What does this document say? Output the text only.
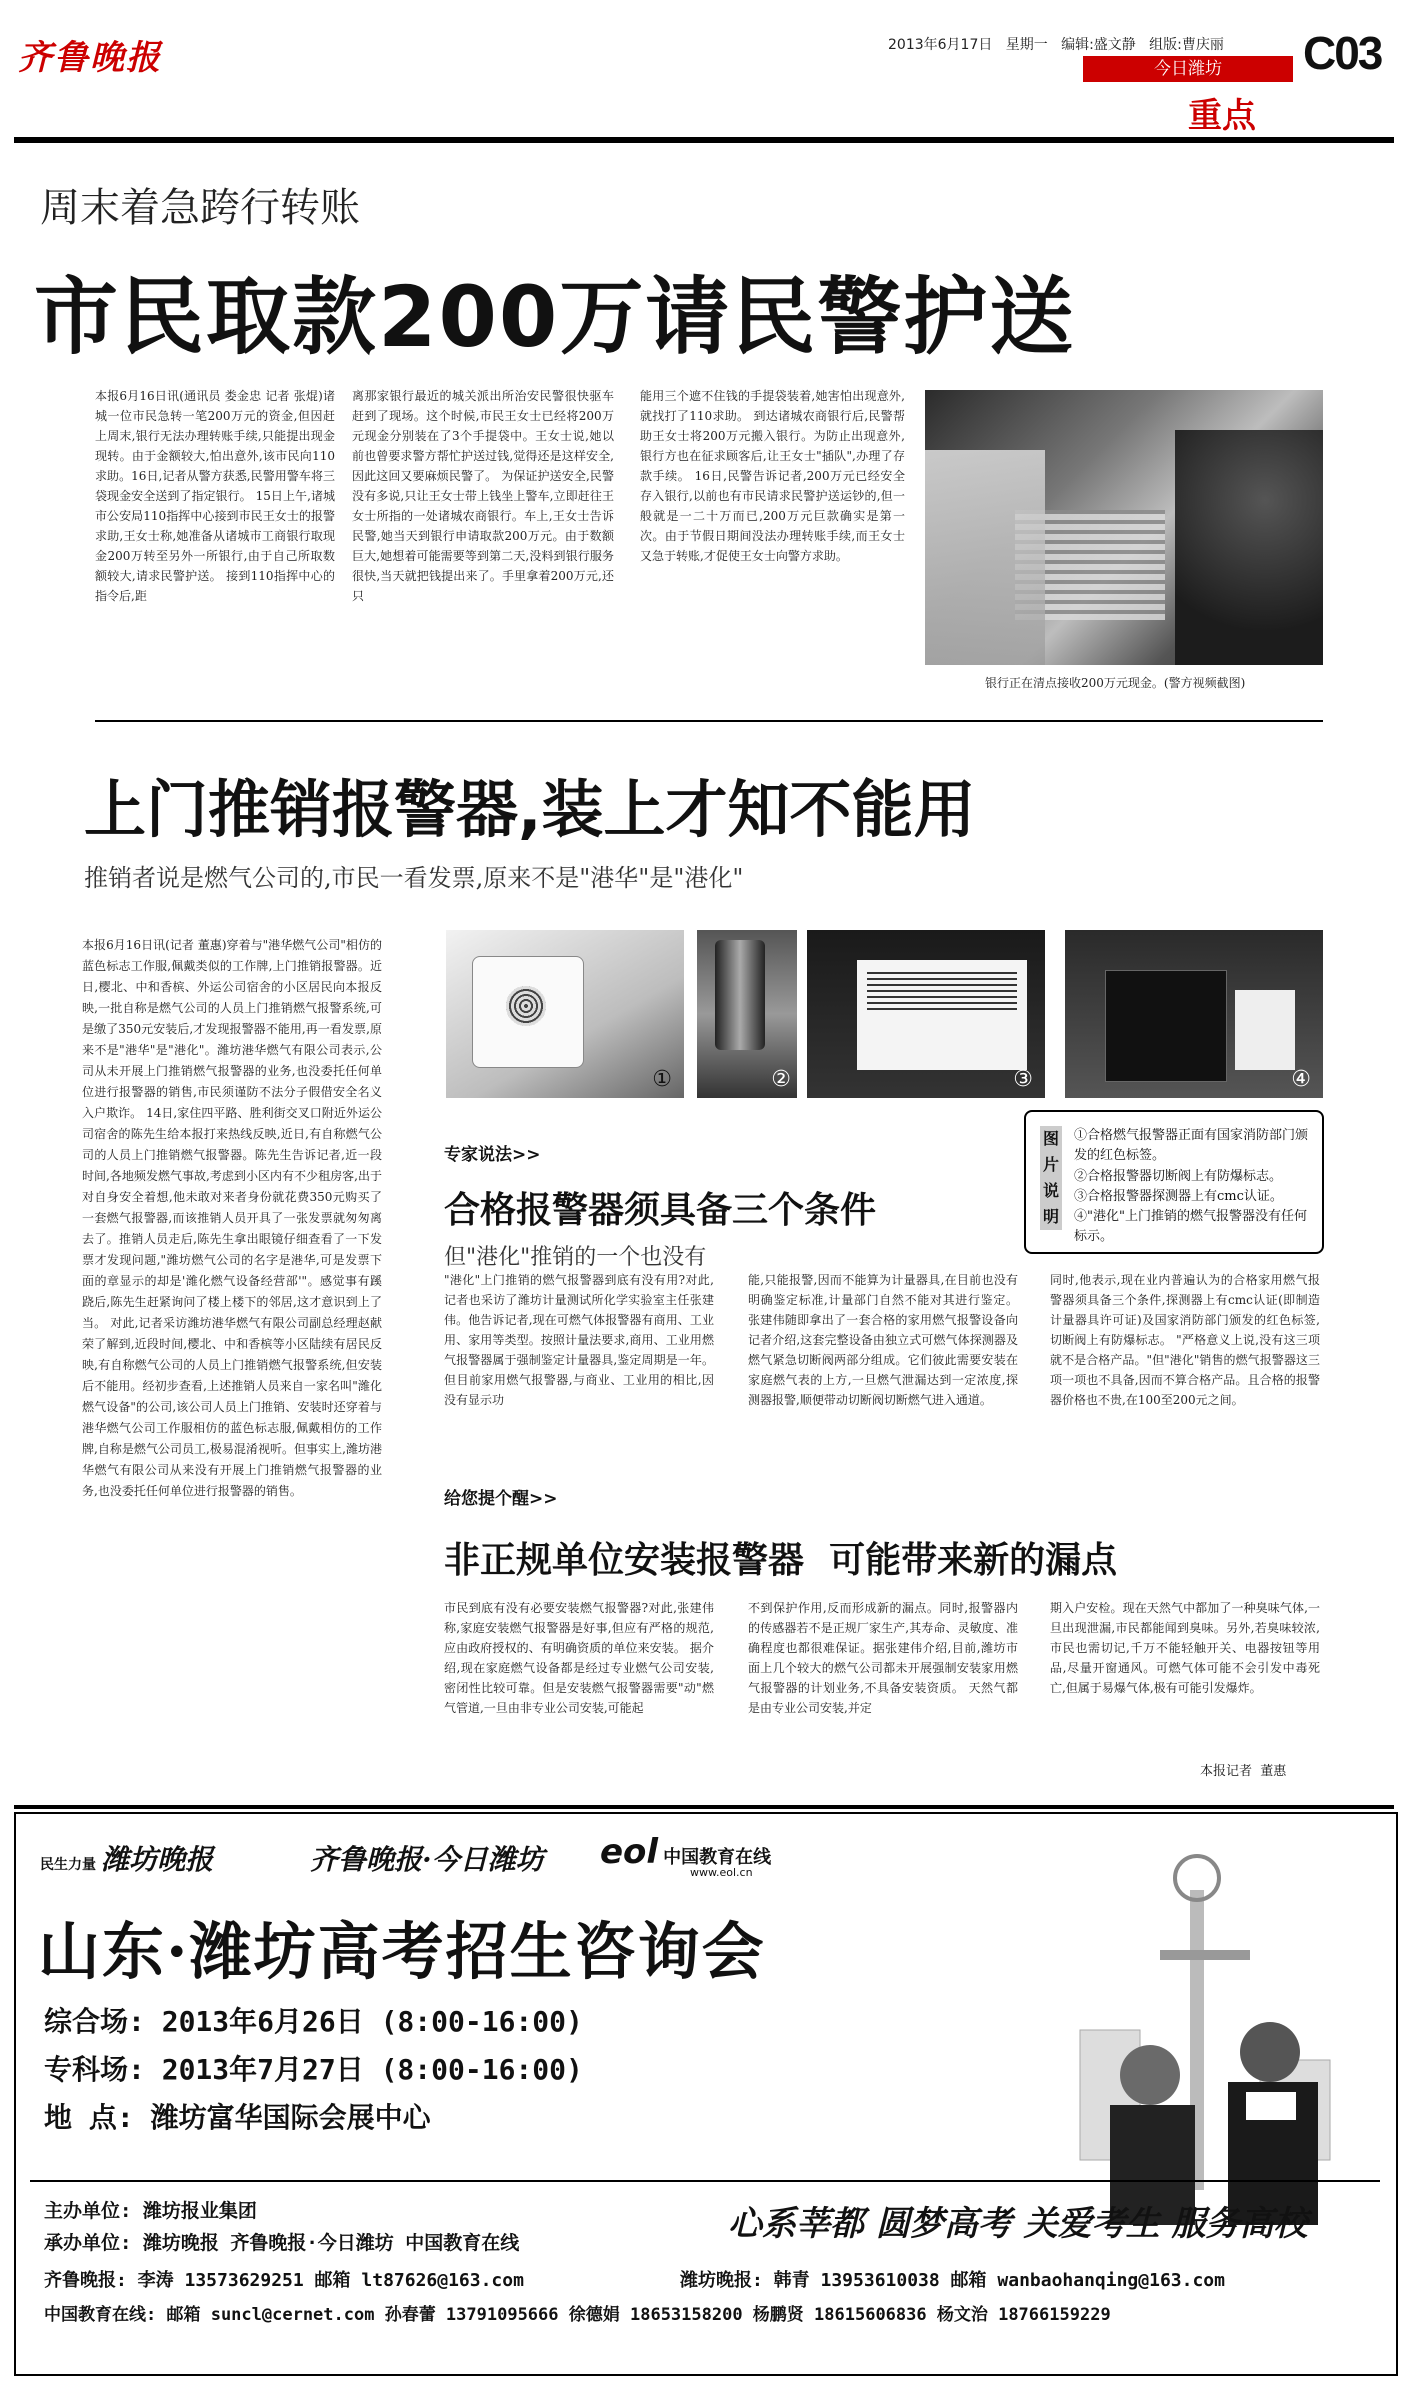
齐鲁晚报	2013年6月17日 星期一 编辑:盛文静 组版:曹庆丽 C03
今日潍坊
重点
周末着急跨行转账
市民取款200万请民警护送
本报6月16日讯(通讯员 娄金忠 记者 张焜)诸城一位市民急转一笔200万元的资金,但因赶上周末,银行无法办理转账手续,只能提出现金现转。由于金额较大,怕出意外,该市民向110求助。16日,记者从警方获悉,民警用警车将三袋现金安全送到了指定银行。 15日上午,诸城市公安局110指挥中心接到市民王女士的报警求助,王女士称,她准备从诸城市工商银行取现金200万转至另外一所银行,由于自己所取数额较大,请求民警护送。 接到110指挥中心的指令后,距
离那家银行最近的城关派出所治安民警很快驱车赶到了现场。这个时候,市民王女士已经将200万元现金分别装在了3个手提袋中。王女士说,她以前也曾要求警方帮忙护送过钱,觉得还是这样安全,因此这回又要麻烦民警了。 为保证护送安全,民警没有多说,只让王女士带上钱坐上警车,立即赶往王女士所指的一处诸城农商银行。车上,王女士告诉民警,她当天到银行申请取款200万元。由于数额巨大,她想着可能需要等到第二天,没料到银行服务很快,当天就把钱提出来了。手里拿着200万元,还只
能用三个遮不住钱的手提袋装着,她害怕出现意外,就找打了110求助。 到达诸城农商银行后,民警帮助王女士将200万元搬入银行。为防止出现意外,银行方也在征求顾客后,让王女士"插队",办理了存款手续。 16日,民警告诉记者,200万元已经安全存入银行,以前也有市民请求民警护送运钞的,但一般就是一二十万而已,200万元巨款确实是第一次。由于节假日期间没法办理转账手续,而王女士又急于转账,才促使王女士向警方求助。
银行正在清点接收200万元现金。(警方视频截图)
上门推销报警器,装上才知不能用
推销者说是燃气公司的,市民一看发票,原来不是"港华"是"港化"
本报6月16日讯(记者 董惠)穿着与"港华燃气公司"相仿的蓝色标志工作服,佩戴类似的工作牌,上门推销报警器。近日,樱北、中和香槟、外运公司宿舍的小区居民向本报反映,一批自称是燃气公司的人员上门推销燃气报警系统,可是缴了350元安装后,才发现报警器不能用,再一看发票,原来不是"港华"是"港化"。潍坊港华燃气有限公司表示,公司从未开展上门推销燃气报警器的业务,也没委托任何单位进行报警器的销售,市民须谨防不法分子假借安全名义入户欺诈。 14日,家住四平路、胜利街交叉口附近外运公司宿舍的陈先生给本报打来热线反映,近日,有自称燃气公司的人员上门推销燃气报警器。陈先生告诉记者,近一段时间,各地频发燃气事故,考虑到小区内有不少租房客,出于对自身安全着想,他未敢对来者身份就花费350元购买了一套燃气报警器,而该推销人员开具了一张发票就匆匆离去了。推销人员走后,陈先生拿出眼镜仔细查看了一下发票才发现问题,"潍坊燃气公司的名字是港华,可是发票下面的章显示的却是'潍化燃气设备经营部'"。感觉事有蹊跷后,陈先生赶紧询问了楼上楼下的邻居,这才意识到上了当。 对此,记者采访潍坊港华燃气有限公司副总经理赵献荣了解到,近段时间,樱北、中和香槟等小区陆续有居民反映,有自称燃气公司的人员上门推销燃气报警系统,但安装后不能用。经初步查看,上述推销人员来自一家名叫"潍化燃气设备"的公司,该公司人员上门推销、安装时还穿着与港华燃气公司工作服相仿的蓝色标志服,佩戴相仿的工作牌,自称是燃气公司员工,极易混淆视听。但事实上,潍坊港华燃气有限公司从来没有开展上门推销燃气报警器的业务,也没委托任何单位进行报警器的销售。
①	②	③	④
图片说明
①合格燃气报警器正面有国家消防部门颁发的红色标签。
②合格报警器切断阀上有防爆标志。
③合格报警器探测器上有cmc认证。
④"港化"上门推销的燃气报警器没有任何标示。
专家说法>>
合格报警器须具备三个条件
但"港化"推销的一个也没有
"港化"上门推销的燃气报警器到底有没有用?对此,记者也采访了潍坊计量测试所化学实验室主任张建伟。他告诉记者,现在可燃气体报警器有商用、工业用、家用等类型。按照计量法要求,商用、工业用燃气报警器属于强制鉴定计量器具,鉴定周期是一年。 但目前家用燃气报警器,与商业、工业用的相比,因没有显示功
能,只能报警,因而不能算为计量器具,在目前也没有明确鉴定标准,计量部门自然不能对其进行鉴定。 张建伟随即拿出了一套合格的家用燃气报警设备向记者介绍,这套完整设备由独立式可燃气体探测器及燃气紧急切断阀两部分组成。它们彼此需要安装在家庭燃气表的上方,一旦燃气泄漏达到一定浓度,探测器报警,顺便带动切断阀切断燃气进入通道。
同时,他表示,现在业内普遍认为的合格家用燃气报警器须具备三个条件,探测器上有cmc认证(即制造计量器具许可证)及国家消防部门颁发的红色标签,切断阀上有防爆标志。 "严格意义上说,没有这三项就不是合格产品。"但"港化"销售的燃气报警器这三项一项也不具备,因而不算合格产品。且合格的报警器价格也不贵,在100至200元之间。
给您提个醒>>
非正规单位安装报警器  可能带来新的漏点
市民到底有没有必要安装燃气报警器?对此,张建伟称,家庭安装燃气报警器是好事,但应有严格的规范,应由政府授权的、有明确资质的单位来安装。 据介绍,现在家庭燃气设备都是经过专业燃气公司安装,密闭性比较可靠。但是安装燃气报警器需要"动"燃气管道,一旦由非专业公司安装,可能起
不到保护作用,反而形成新的漏点。同时,报警器内的传感器若不是正规厂家生产,其寿命、灵敏度、准确程度也都很难保证。据张建伟介绍,目前,潍坊市面上几个较大的燃气公司都未开展强制安装家用燃气报警器的计划业务,不具备安装资质。 天然气都是由专业公司安装,并定
期入户安检。现在天然气中都加了一种臭味气体,一旦出现泄漏,市民都能闻到臭味。另外,若臭味较浓,市民也需切记,千万不能轻触开关、电器按钮等用品,尽量开窗通风。可燃气体可能不会引发中毒死亡,但属于易爆气体,极有可能引发爆炸。
本报记者  董惠
民生力量 潍坊晚报	齐鲁晚报·今日潍坊 eol 中国教育在线
www.eol.cn
山东·潍坊高考招生咨询会
综合场: 2013年6月26日 (8:00-16:00)
专科场: 2013年7月27日 (8:00-16:00)
地 点: 潍坊富华国际会展中心
主办单位: 潍坊报业集团
承办单位: 潍坊晚报 齐鲁晚报·今日潍坊 中国教育在线	心系莘都 圆梦高考 关爱考生 服务高校
齐鲁晚报: 李涛 13573629251 邮箱 lt87626@163.com	潍坊晚报: 韩青 13953610038 邮箱 wanbaohanqing@163.com
中国教育在线: 邮箱 suncl@cernet.com 孙春蕾 13791095666 徐德娟 18653158200 杨鹏贤 18615606836 杨文治 18766159229
